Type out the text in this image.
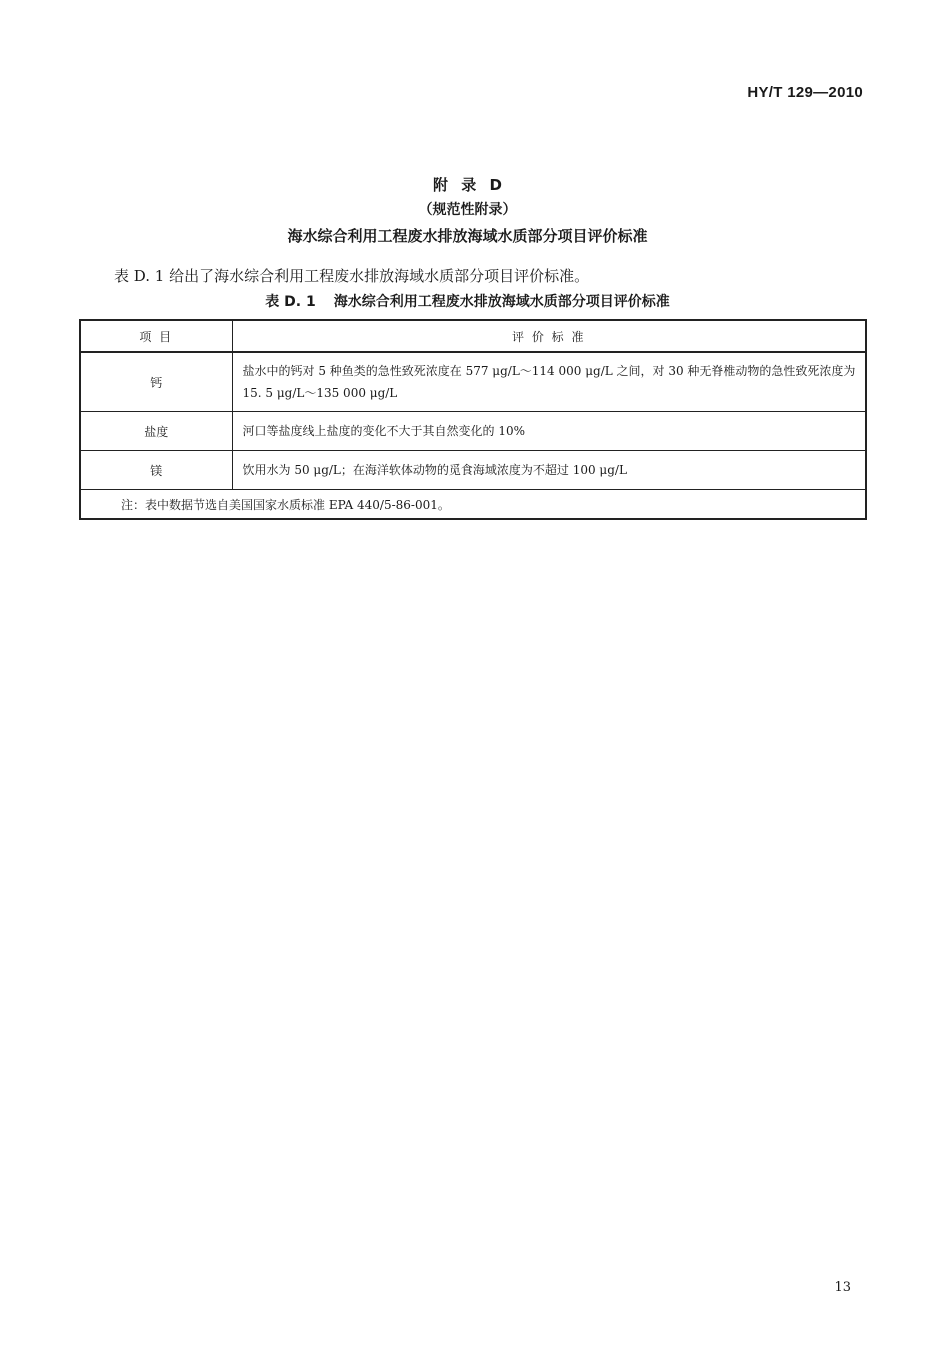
HY/T 129—2010
附 录 D
（规范性附录）
海水综合利用工程废水排放海域水质部分项目评价标准
表 D. 1 给出了海水综合利用工程废水排放海域水质部分项目评价标准。
表 D. 1 海水综合利用工程废水排放海域水质部分项目评价标准
项 目	评 价 标 准
钙	盐水中的钙对 5 种鱼类的急性致死浓度在 577 μg/L～114 000 μg/L 之间，对 30 种无脊椎动物的急性致死浓度为 15. 5 μg/L～135 000 μg/L
盐度	河口等盐度线上盐度的变化不大于其自然变化的 10%
镁	饮用水为 50 μg/L；在海洋软体动物的觅食海域浓度为不超过 100 μg/L
注：表中数据节选自美国国家水质标准 EPA 440/5-86-001。	
13
